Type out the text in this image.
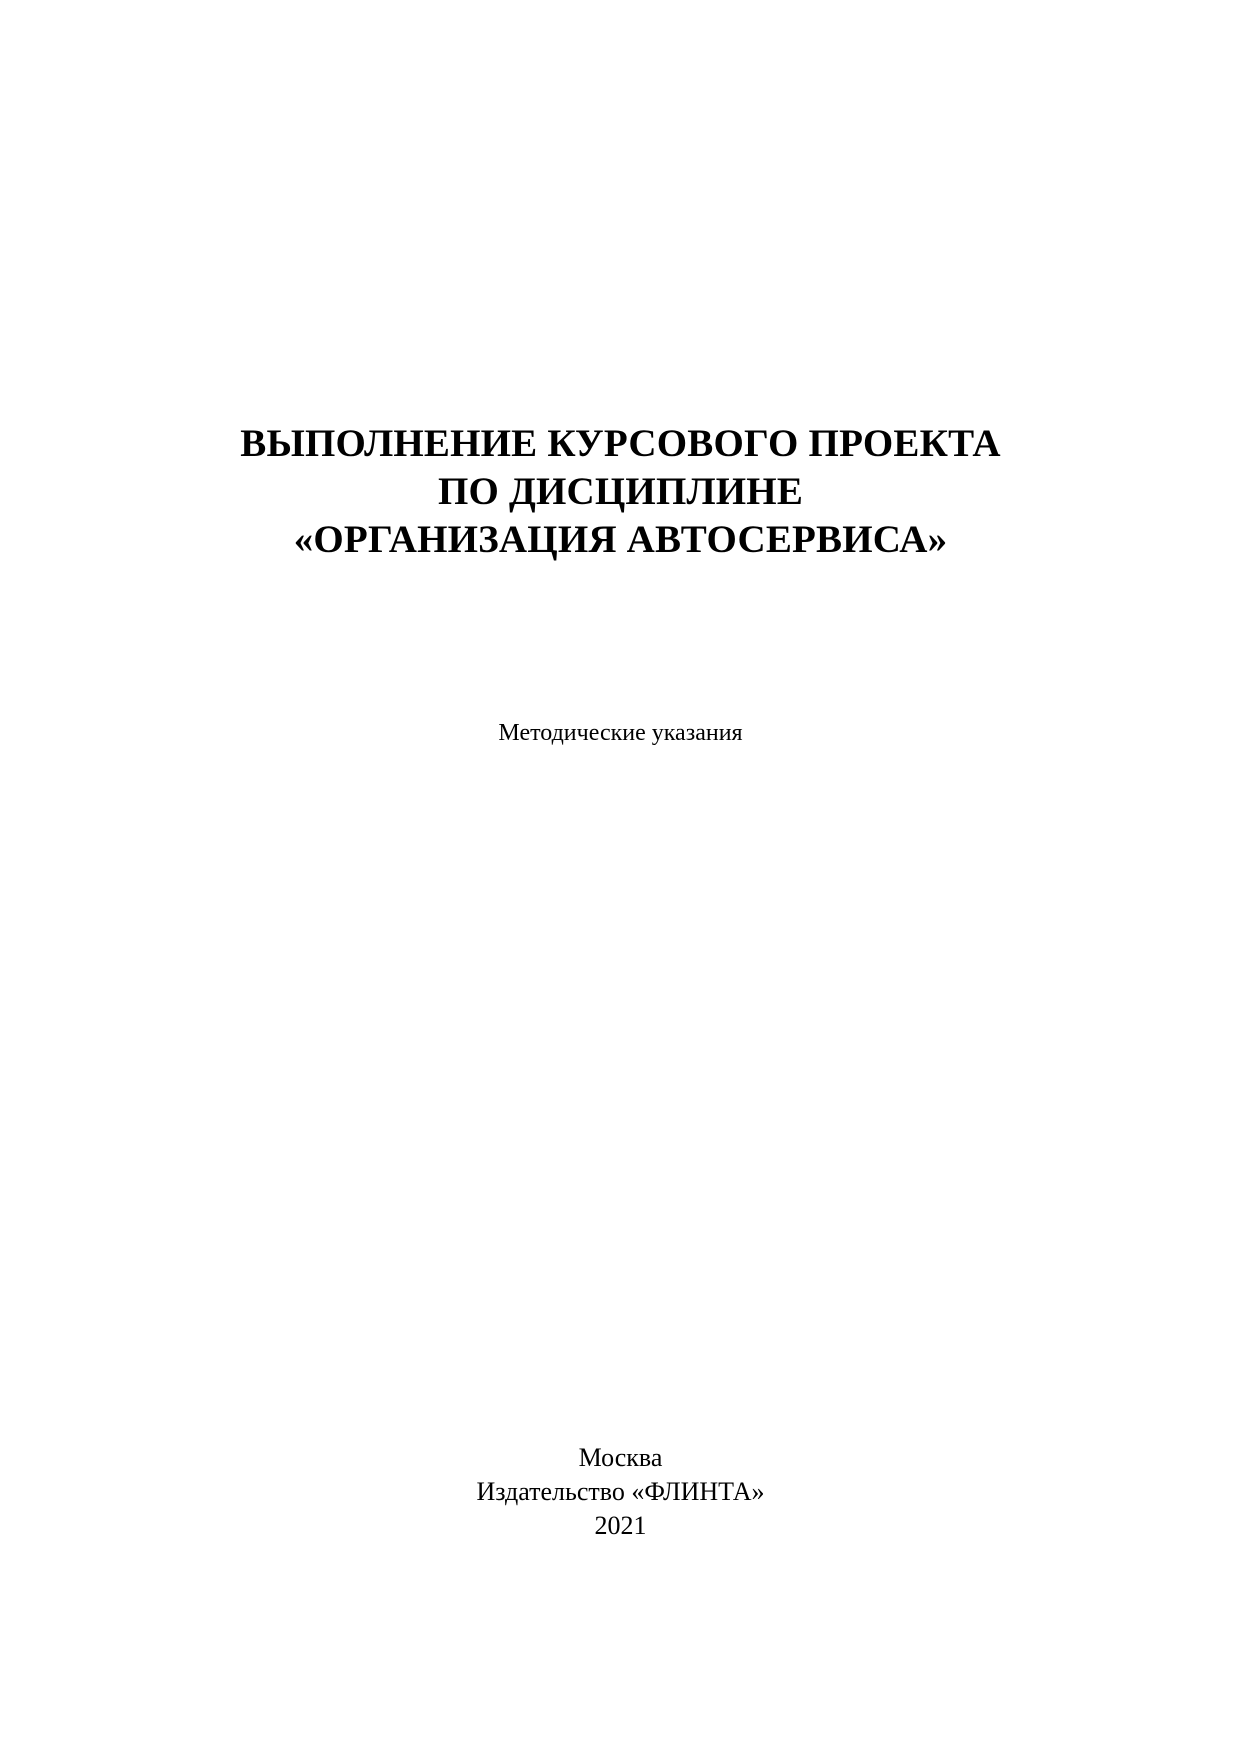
ВЫПОЛНЕНИЕ КУРСОВОГО ПРОЕКТА
ПО ДИСЦИПЛИНЕ
«ОРГАНИЗАЦИЯ АВТОСЕРВИСА»
Методические указания
Москва
Издательство «ФЛИНТА»
2021
